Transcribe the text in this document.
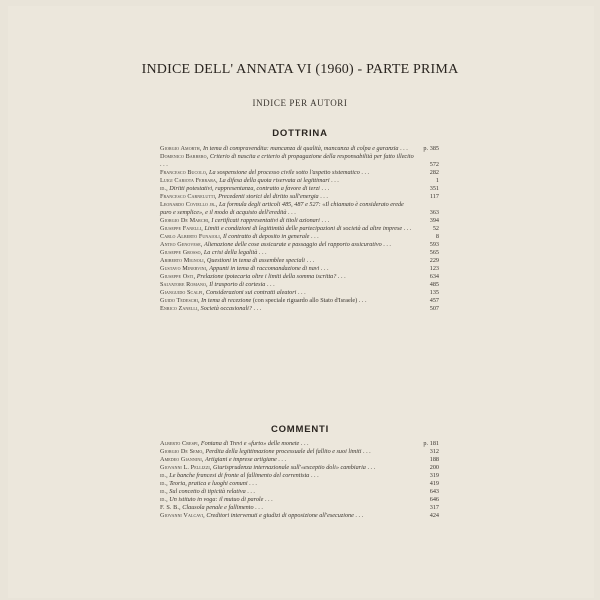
INDICE DELL' ANNATA VI (1960) - PARTE PRIMA
INDICE PER AUTORI
DOTTRINA
Giorgio Amorth, In tema di compravendita: mancanza di qualità, mancanza di colpa e garanzia . . .	p. 385
Domenico Barbero, Criterio di nascita e criterio di propagazione della responsabilità per fatto illecito . . .	572
Francesco Bucolo, La sospensione del processo civile sotto l'aspetto sistematico . . .	282
Luigi Cariota Ferrara, La difesa della quota riservata ai legittimari . . .	1
id., Diritti potestativi, rappresentanza, contratto a favore di terzi . . .	351
Francesco Carnelutti, Precedenti storici del diritto sull'energia . . .	117
Leonardo Coviello jr., La formula degli articoli 485, 487 e 527: «Il chiamato è considerato erede puro e semplice», e il modo di acquisto dell'eredità . . .	363
Giorgio De Marchi, I certificati rappresentativi di titoli azionari . . .	394
Giuseppe Fanelli, Limiti e condizioni di legittimità delle partecipazioni di società ad altre imprese . . .	52
Carlo Alberto Funaioli, Il contratto di deposito in generale . . .	8
Anteo Genovese, Alienazione delle cose assicurate e passaggio del rapporto assicurativo . . .	593
Giuseppe Grosso, La crisi della legalità . . .	565
Ariberto Mignoli, Questioni in tema di assemblee speciali . . .	229
Gustavo Minervini, Appunti in tema di raccomandazione di navi . . .	123
Giuseppe Osti, Prelazione ipotecaria oltre i limiti della somma iscritta? . . .	634
Salvatore Romano, Il trasporto di cortesia . . .	485
Gianguido Scalfi, Considerazioni sui contratti aleatori . . .	135
Guido Tedeschi, In tema di recezione (con speciale riguardo allo Stato d'Israele) . . .	457
Enrico Zanelli, Società occasionali? . . .	507
COMMENTI
Alberto Crespi, Fontana di Trevi e «furto» delle monete . . .	p. 181
Giorgio De Semo, Perdita della legittimazione processuale del fallito e suoi limiti . . .	312
Amedeo Giannini, Artigiani e imprese artigiane . . .	188
Giovanni L. Pellizzi, Giurisprudenza internazionale sull'«exceptio doli» cambiaria . . .	200
id., Le banche francesi di fronte al fallimento del correntista . . .	319
id., Teoria, pratica e luoghi comuni . . .	419
id., Sul concetto di tipicità relativa . . .	643
id., Un istituto in voga: il mutuo di parole . . .	646
F. S. B., Clausola penale e fallimento . . .	317
Giovanni Valcavi, Creditori intervenuti e giudizi di opposizione all'esecuzione . . .	424
